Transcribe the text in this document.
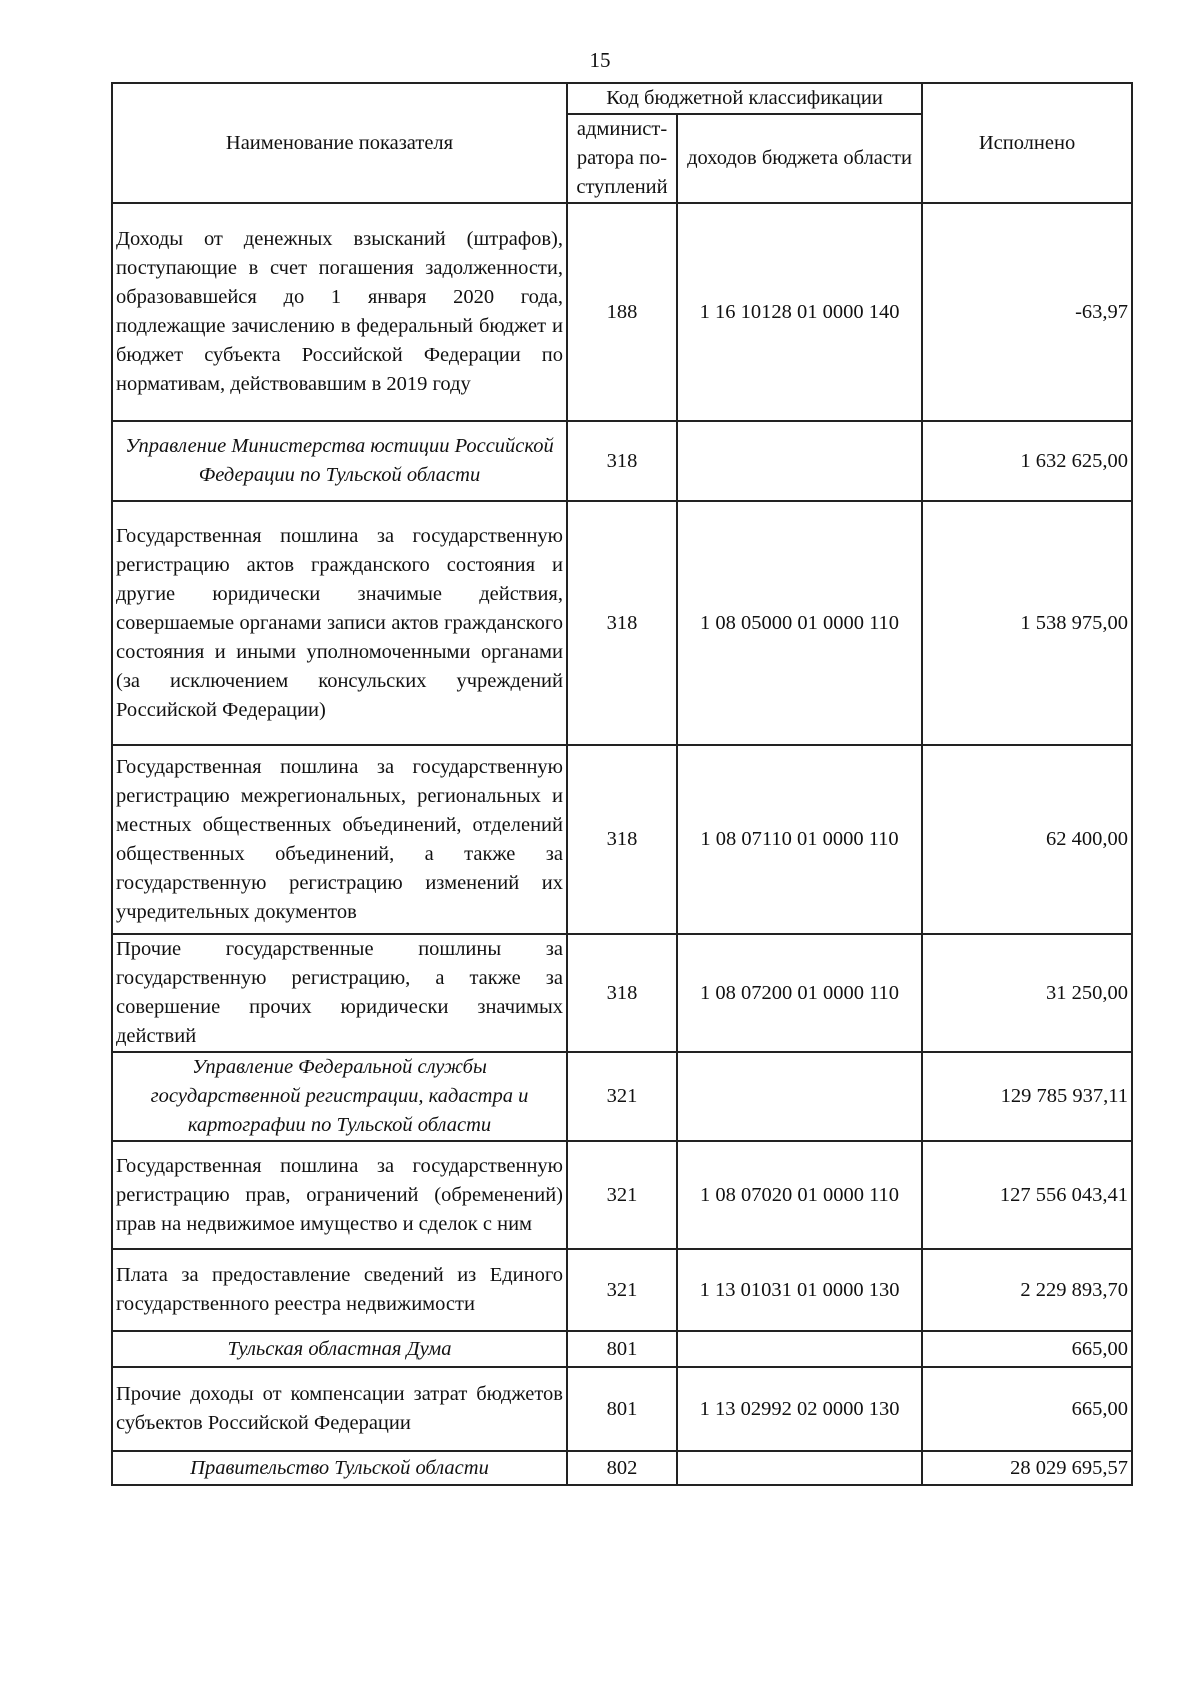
15
Наименование показателя	Код бюджетной классификации		Исполнено
	админист-ратора по-ступлений	доходов бюджета области	
Доходы от денежных взысканий (штрафов), поступающие в счет погашения задолженности, образовавшейся до 1 января 2020 года, подлежащие зачислению в федеральный бюджет и бюджет субъекта Российской Федерации по нормативам, действовавшим в 2019 году	188	1 16 10128 01 0000 140	-63,97
Управление Министерства юстиции Российской Федерации по Тульской области	318		1 632 625,00
Государственная пошлина за государственную регистрацию актов гражданского состояния и другие юридически значимые действия, совершаемые органами записи актов гражданского состояния и иными уполномоченными органами (за исключением консульских учреждений Российской Федерации)	318	1 08 05000 01 0000 110	1 538 975,00
Государственная пошлина за государственную регистрацию межрегиональных, региональных и местных общественных объединений, отделений общественных объединений, а также за государственную регистрацию изменений их учредительных документов	318	1 08 07110 01 0000 110	62 400,00
Прочие государственные пошлины за государственную регистрацию, а также за совершение прочих юридически значимых действий	318	1 08 07200 01 0000 110	31 250,00
Управление Федеральной службы государственной регистрации, кадастра и картографии по Тульской области	321		129 785 937,11
Государственная пошлина за государственную регистрацию прав, ограничений (обременений) прав на недвижимое имущество и сделок с ним	321	1 08 07020 01 0000 110	127 556 043,41
Плата за предоставление сведений из Единого государственного реестра недвижимости	321	1 13 01031 01 0000 130	2 229 893,70
Тульская областная Дума	801		665,00
Прочие доходы от компенсации затрат бюджетов субъектов Российской Федерации	801	1 13 02992 02 0000 130	665,00
Правительство Тульской области	802		28 029 695,57
